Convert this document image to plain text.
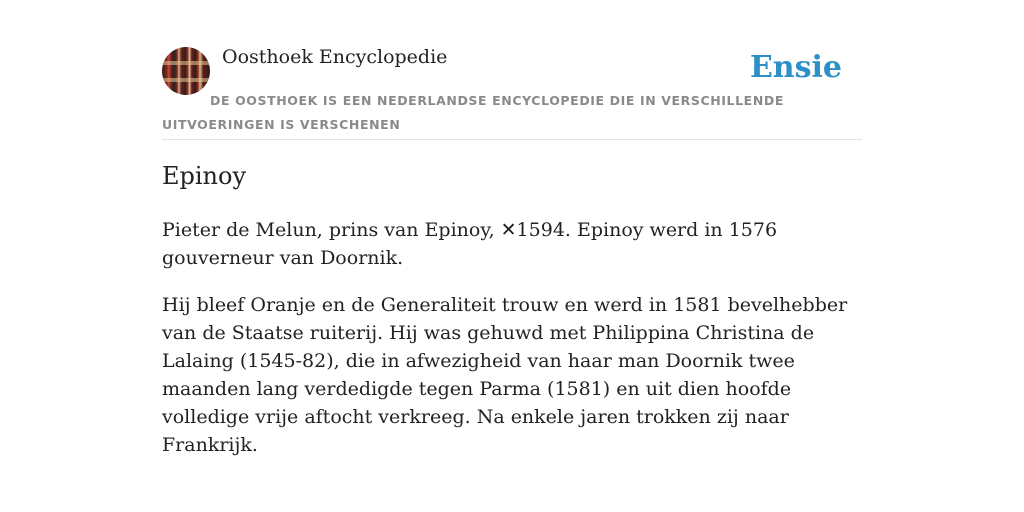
Oosthoek Encyclopedie	Ensie
DE OOSTHOEK IS EEN NEDERLANDSE ENCYCLOPEDIE DIE IN VERSCHILLENDE UITVOERINGEN IS VERSCHENEN
Epinoy

Pieter de Melun, prins van Epinoy, ✕1594. Epinoy werd in 1576 gouverneur van Doornik.

Hij bleef Oranje en de Generaliteit trouw en werd in 1581 bevelhebber van de Staatse ruiterij. Hij was gehuwd met Philippina Christina de Lalaing (1545-82), die in afwezigheid van haar man Doornik twee maanden lang verdedigde tegen Parma (1581) en uit dien hoofde volledige vrije aftocht verkreeg. Na enkele jaren trokken zij naar Frankrijk.
